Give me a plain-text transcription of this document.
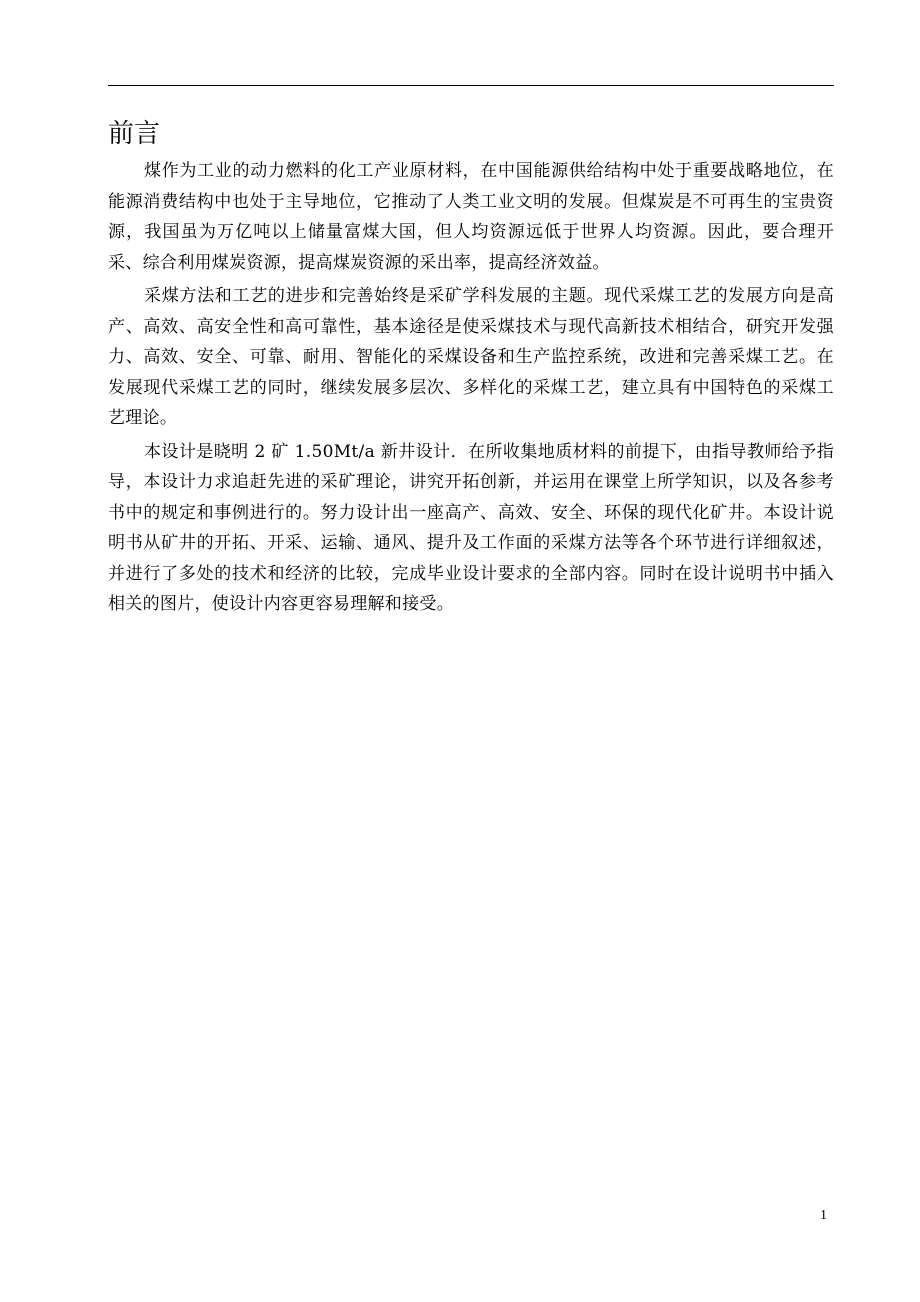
前言

煤作为工业的动力燃料的化工产业原材料，在中国能源供给结构中处于重要战略地位，在能源消费结构中也处于主导地位，它推动了人类工业文明的发展。但煤炭是不可再生的宝贵资源，我国虽为万亿吨以上储量富煤大国，但人均资源远低于世界人均资源。因此，要合理开采、综合利用煤炭资源，提高煤炭资源的采出率，提高经济效益。

采煤方法和工艺的进步和完善始终是采矿学科发展的主题。现代采煤工艺的发展方向是高产、高效、高安全性和高可靠性，基本途径是使采煤技术与现代高新技术相结合，研究开发强力、高效、安全、可靠、耐用、智能化的采煤设备和生产监控系统，改进和完善采煤工艺。在发展现代采煤工艺的同时，继续发展多层次、多样化的采煤工艺，建立具有中国特色的采煤工艺理论。

本设计是晓明 2 矿 1.50Mt/a 新井设计．在所收集地质材料的前提下，由指导教师给予指导，本设计力求追赶先进的采矿理论，讲究开拓创新，并运用在课堂上所学知识，以及各参考书中的规定和事例进行的。努力设计出一座高产、高效、安全、环保的现代化矿井。本设计说明书从矿井的开拓、开采、运输、通风、提升及工作面的采煤方法等各个环节进行详细叙述，并进行了多处的技术和经济的比较，完成毕业设计要求的全部内容。同时在设计说明书中插入相关的图片，使设计内容更容易理解和接受。

1
